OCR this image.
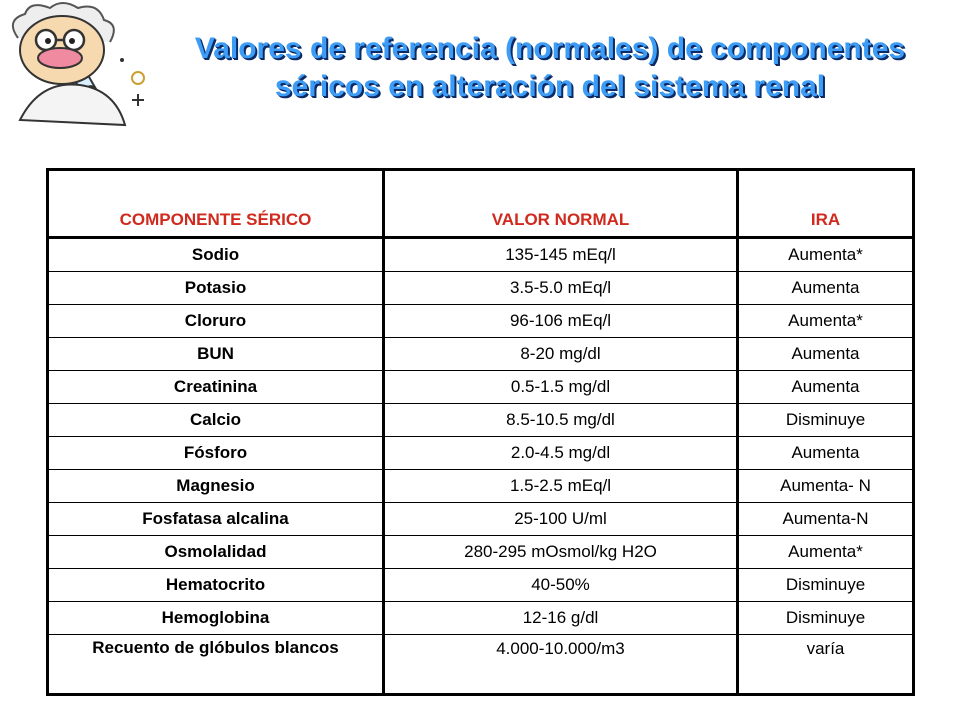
Valores de referencia (normales) de componentes séricos en alteración del sistema renal
COMPONENTE SÉRICO	VALOR NORMAL	IRA
Sodio	135-145 mEq/l	Aumenta*
Potasio	3.5-5.0 mEq/l	Aumenta
Cloruro	96-106 mEq/l	Aumenta*
BUN	8-20 mg/dl	Aumenta
Creatinina	0.5-1.5 mg/dl	Aumenta
Calcio	8.5-10.5 mg/dl	Disminuye
Fósforo	2.0-4.5 mg/dl	Aumenta
Magnesio	1.5-2.5 mEq/l	Aumenta- N
Fosfatasa alcalina	25-100 U/ml	Aumenta-N
Osmolalidad	280-295 mOsmol/kg H2O	Aumenta*
Hematocrito	40-50%	Disminuye
Hemoglobina	12-16 g/dl	Disminuye
Recuento de glóbulos blancos	4.000-10.000/m3	varía
